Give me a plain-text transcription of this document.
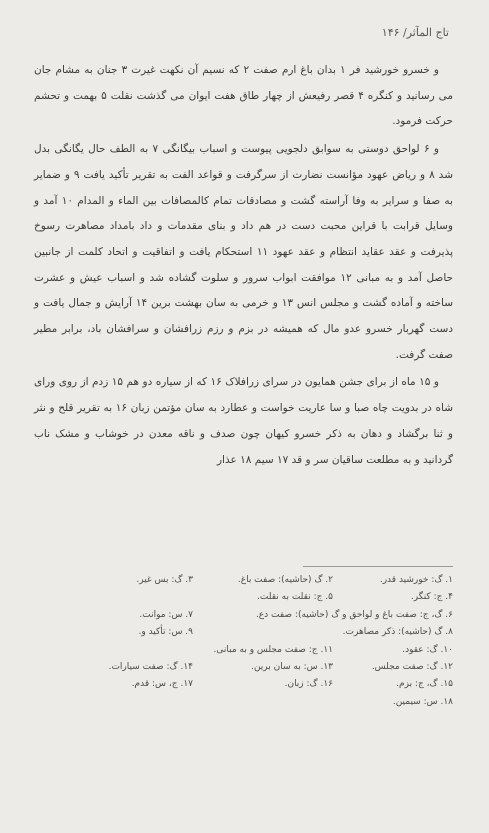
تاج المآثر/ ۱۴۶

و خسرو خورشيد فر ۱ بدان باغ ارم صفت ۲ که نسيم آن نکهت غيرت ۳ جنان به مشام جان می رسانيد و کنگره ۴ قصر رفيعش از چهار طاق هفت ايوان می گذشت نقلت ۵ بهمت و تحشم حرکت فرمود.

و ۶ لواحق دوستی به سوابق دلجويی پيوست و اسباب بيگانگی ۷ به الطف حال يگانگی بدل شد ۸ و رياض عهود مؤانست نضارت از سرگرفت و قواعد الفت به تقرير تأکيد يافت ۹ و ضماير به صفا و سراير به وفا آراسته گشت و مصادقات تمام کالمصافات بين الماء و المدام ۱۰ آمد و وسايل قرابت با قراين محبت دست در هم داد و بنای مقدمات و داد بامداد مصاهرت رسوخ پذيرفت و عقد عقايد انتظام و عقد عهود ۱۱ استحکام يافت و اتفاقيت و اتحاد کلمت از جانبين حاصل آمد و به مبانی ۱۲ موافقت ابواب سرور و سلوت گشاده شد و اسباب عيش و عشرت ساخته و آماده گشت و مجلس انس ۱۳ و خرمی به سان بهشت برين ۱۴ آرايش و جمال يافت و دست گهربار خسرو عدو مال که هميشه در بزم و رزم زرافشان و سرافشان باد، برابر مطير صفت گرفت.

و ۱۵ ماه از برای جشن همايون در سرای زرافلاک ۱۶ که از سياره دو هم ۱۵ زدم از روی ورای شاه در بدويت چاه صبا و سا عاريت خواست و عطارد به سان مؤتمن زبان ۱۶ به تقرير قلح و نثر و ثنا برگشاد و دهان به ذکر خسرو کيهان چون صدف و ناقه معدن در خوشاب و مشک ناب گردانيد و به مطلعت ساقيان سر و قد ۱۷ سيم ۱۸ عذار

۱. گ: خورشيد قدر.
۲. گ (حاشيه): صفت باغ.
۳. گ: بس غير.
۴. ج: کنگر.
۵. ج: نقلت به نقلت.
۶. گ، ج: صفت باغ و لواحق و گ (حاشيه): صفت دع.
۷. س: موانت.
۸. گ (حاشيه): ذکر مصاهرت.
۹. س: تأکيد و.
۱۰. گ: عقود.
۱۱. ج: صفت مجلس و به مبانی.
۱۲. گ: صفت مجلس.
۱۳. س: به سان برين.
۱۴. گ: صفت سيارات.
۱۵. گ، ج: بزم.
۱۶. گ: زبان.
۱۷. ج، س: قدم.
۱۸. س: سيمين.
